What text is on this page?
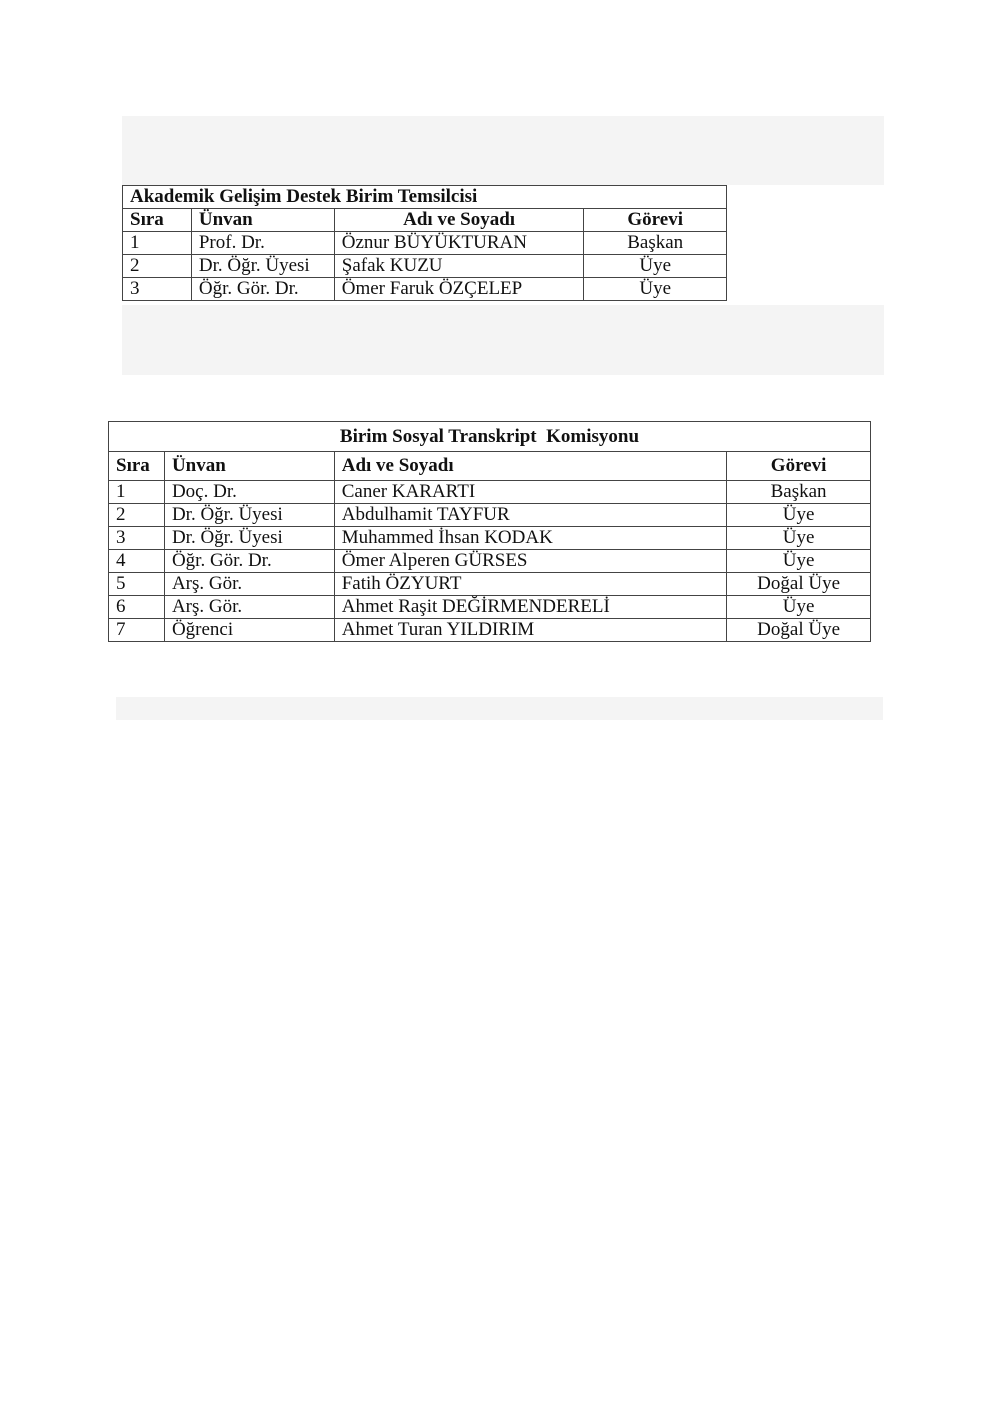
Akademik Gelişim Destek Birim Temsilcisi			
Sıra	Ünvan	Adı ve Soyadı	Görevi
1	Prof. Dr.	Öznur BÜYÜKTURAN	Başkan
2	Dr. Öğr. Üyesi	Şafak KUZU	Üye
3	Öğr. Gör. Dr.	Ömer Faruk ÖZÇELEP	Üye
Birim Sosyal Transkript  Komisyonu			
Sıra	Ünvan	Adı ve Soyadı	Görevi
1	Doç. Dr.	Caner KARARTI	Başkan
2	Dr. Öğr. Üyesi	Abdulhamit TAYFUR	Üye
3	Dr. Öğr. Üyesi	Muhammed İhsan KODAK	Üye
4	Öğr. Gör. Dr.	Ömer Alperen GÜRSES	Üye
5	Arş. Gör.	Fatih ÖZYURT	Doğal Üye
6	Arş. Gör.	Ahmet Raşit DEĞİRMENDERELİ	Üye
7	Öğrenci	Ahmet Turan YILDIRIM	Doğal Üye
